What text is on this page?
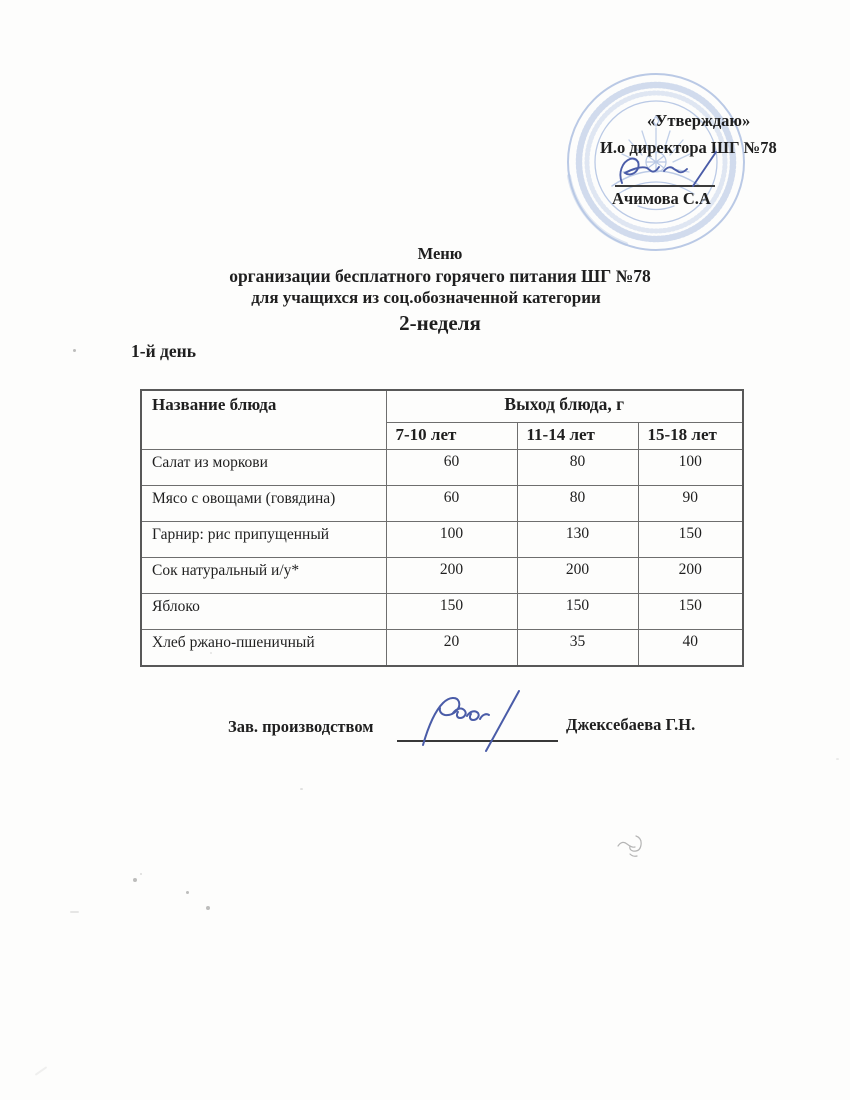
«Утверждаю»
И.о директора ШГ №78
Ачимова С.А
Меню
организации бесплатного горячего питания ШГ №78
для учащихся из соц.обозначенной категории
2-неделя
1-й день
Название блюда	Выход блюда, г		
	7-10 лет	11-14 лет	15-18 лет
Салат из моркови	60	80	100
Мясо с овощами (говядина)	60	80	90
Гарнир: рис припущенный	100	130	150
Сок натуральный и/у*	200	200	200
Яблоко	150	150	150
Хлеб ржано-пшеничный	20	35	40
Зав. производством	Джексебаева Г.Н.
